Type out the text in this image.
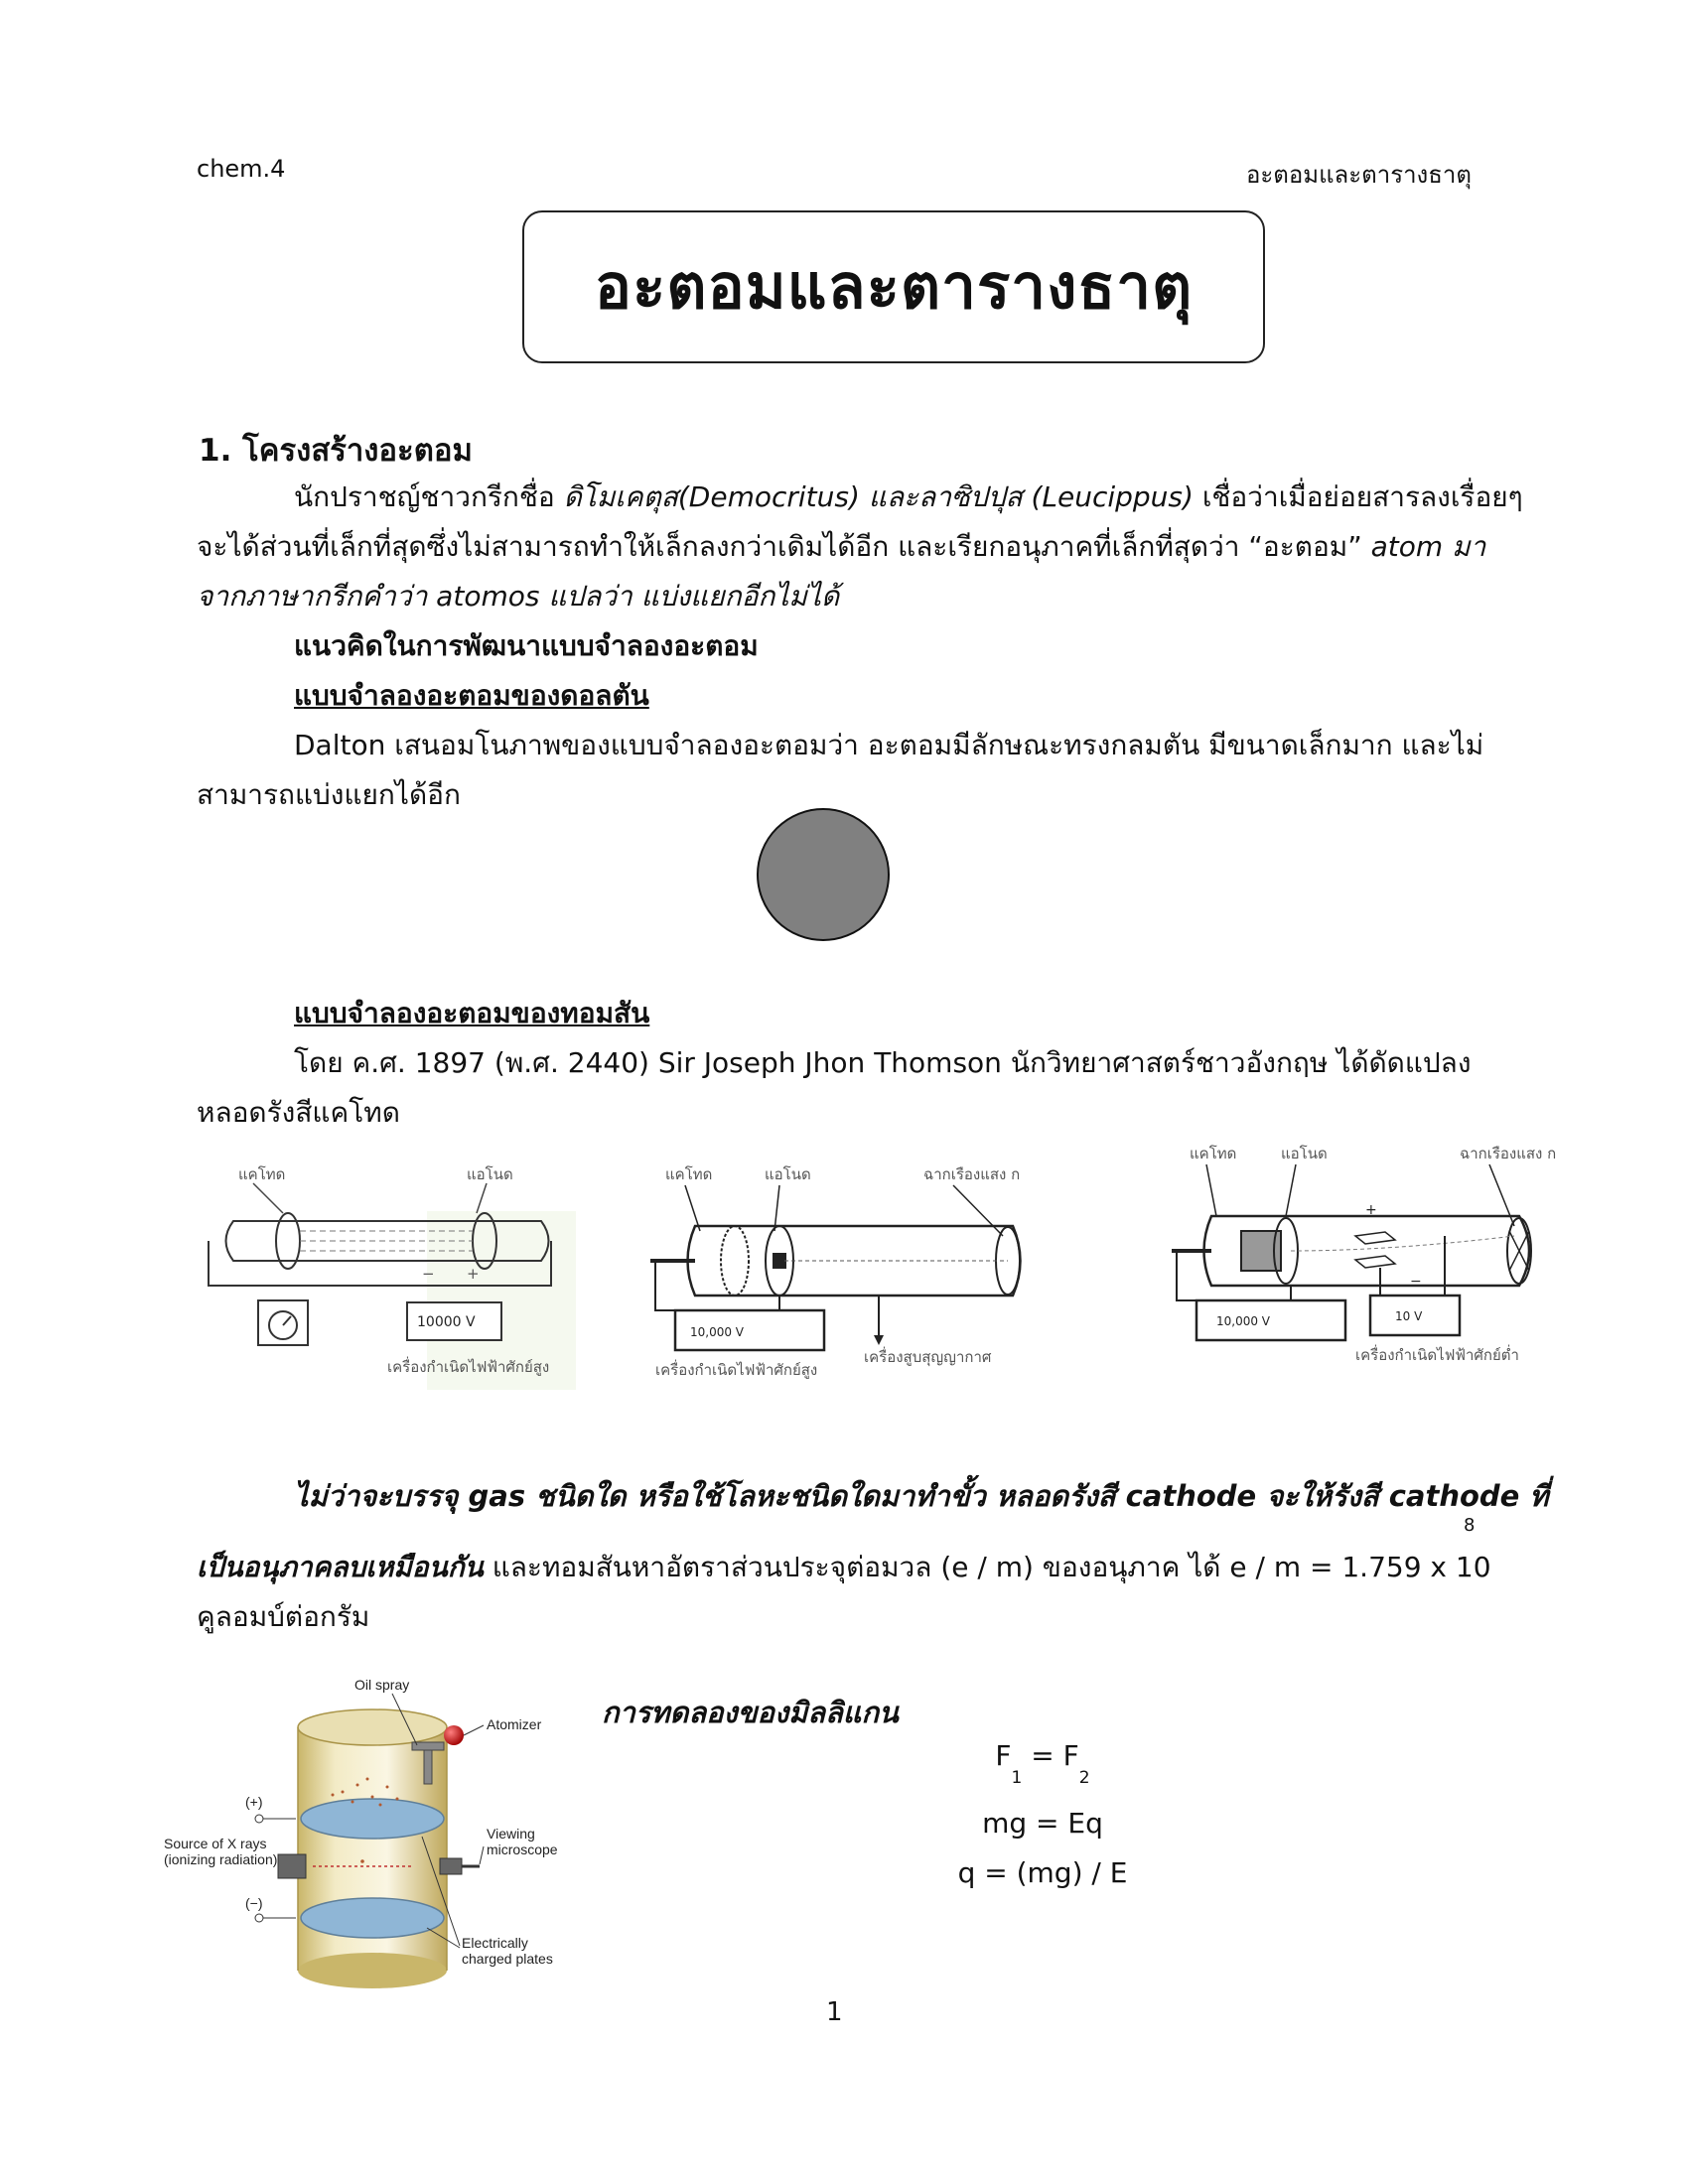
chem.4	อะตอมและตารางธาตุ
อะตอมและตารางธาตุ
1. โครงสร้างอะตอม
นักปราชญ์ชาวกรีกชื่อ ดิโมเคตุส(Democritus) และลาซิปปุส (Leucippus) เชื่อว่าเมื่อย่อยสารลงเรื่อยๆ
จะได้ส่วนที่เล็กที่สุดซึ่งไม่สามารถทำให้เล็กลงกว่าเดิมได้อีก และเรียกอนุภาคที่เล็กที่สุดว่า “อะตอม” atom มา
จากภาษากรีกคำว่า atomos แปลว่า แบ่งแยกอีกไม่ได้
แนวคิดในการพัฒนาแบบจำลองอะตอม
แบบจำลองอะตอมของดอลตัน
Dalton เสนอมโนภาพของแบบจำลองอะตอมว่า อะตอมมีลักษณะทรงกลมตัน มีขนาดเล็กมาก และไม่
สามารถแบ่งแยกได้อีก
แบบจำลองอะตอมของทอมสัน
โดย ค.ศ. 1897 (พ.ศ. 2440) Sir Joseph Jhon Thomson นักวิทยาศาสตร์ชาวอังกฤษ ได้ดัดแปลง
หลอดรังสีแคโทด
แคโทด	แอโนด
− +
10000 V
เครื่องกำเนิดไฟฟ้าศักย์สูง
แคโทด	แอโนด	ฉากเรืองแสง ก
10,000 V
เครื่องกำเนิดไฟฟ้าศักย์สูง
เครื่องสูบสุญญากาศ
แคโทด	แอโนด	ฉากเรืองแสง ก
+
−
10,000 V	10 V
เครื่องกำเนิดไฟฟ้าศักย์ต่ำ
ไม่ว่าจะบรรจุ gas ชนิดใด หรือใช้โลหะชนิดใดมาทำขั้ว หลอดรังสี cathode จะให้รังสี cathode ที่
เป็นอนุภาคลบเหมือนกัน และทอมสันหาอัตราส่วนประจุต่อมวล (e / m) ของอนุภาค ได้ e / m = 1.759 x 10
8
คูลอมบ์ต่อกรัม
Oil spray
Atomizer
(+)
(−)
Source of X rays
(ionizing radiation)
Viewing
microscope
Electrically
charged plates
การทดลองของมิลลิแกน
$F_1 = F_2$
mg = Eq
q = (mg) / E
1
